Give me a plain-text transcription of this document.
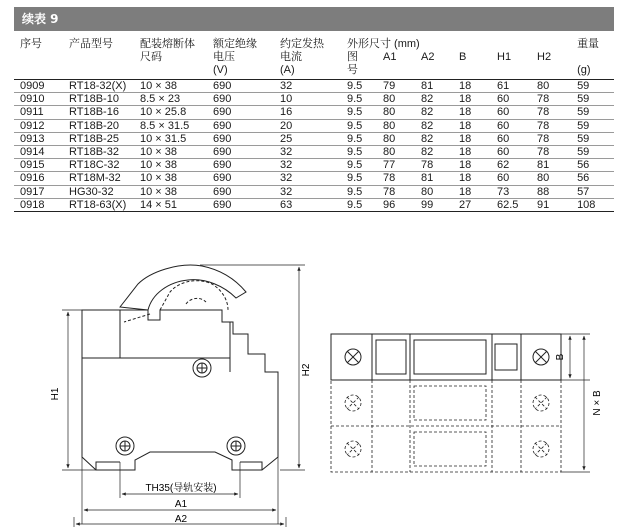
续表 9
序号	产品型号	配装熔断体	额定绝缘	约定发热	外形尺寸 (mm)						重量
		尺码	电压	电流	图	A1	A2	B	H1	H2	
			(V)	(A)	号						(g)
0909	RT18-32(X)	10 × 38	690	32	9.5	79	81	18	61	80	59
0910	RT18B-10	8.5 × 23	690	10	9.5	80	82	18	60	78	59
0911	RT18B-16	10 × 25.8	690	16	9.5	80	82	18	60	78	59
0912	RT18B-20	8.5 × 31.5	690	20	9.5	80	82	18	60	78	59
0913	RT18B-25	10 × 31.5	690	25	9.5	80	82	18	60	78	59
0914	RT18B-32	10 × 38	690	32	9.5	80	82	18	60	78	59
0915	RT18C-32	10 × 38	690	32	9.5	77	78	18	62	81	56
0916	RT18M-32	10 × 38	690	32	9.5	78	81	18	60	80	56
0917	HG30-32	10 × 38	690	32	9.5	78	80	18	73	88	57
0918	RT18-63(X)	14 × 51	690	63	9.5	96	99	27	62.5	91	108
H1
H2
TH35(导轨安装)
A1
A2
B
N × B
